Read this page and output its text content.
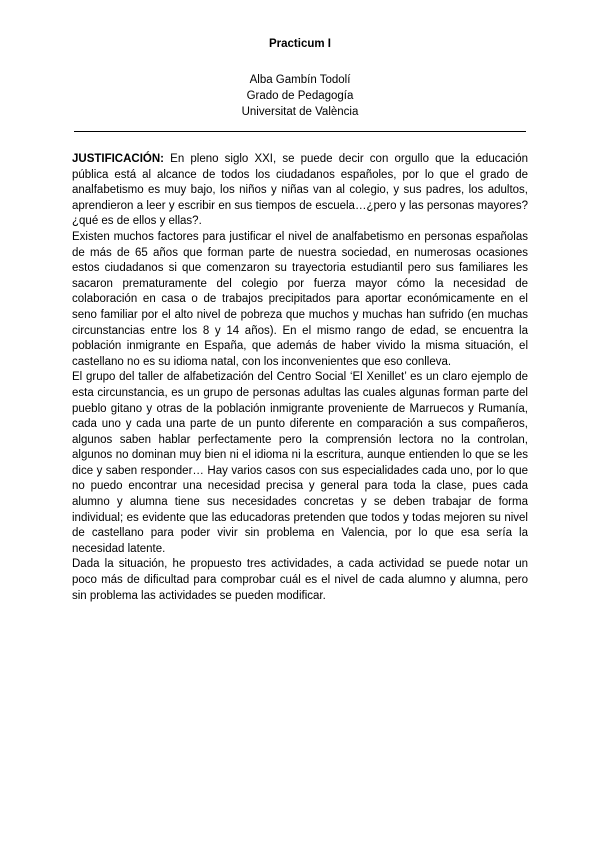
Practicum I
Alba Gambín Todolí
Grado de Pedagogía
Universitat de València

JUSTIFICACIÓN: En pleno siglo XXI, se puede decir con orgullo que la educación pública está al alcance de todos los ciudadanos españoles, por lo que el grado de analfabetismo es muy bajo, los niños y niñas van al colegio, y sus padres, los adultos, aprendieron a leer y escribir en sus tiempos de escuela…¿pero y las personas mayores?¿qué es de ellos y ellas?.

Existen muchos factores para justificar el nivel de analfabetismo en personas españolas de más de 65 años que forman parte de nuestra sociedad, en numerosas ocasiones estos ciudadanos si que comenzaron su trayectoria estudiantil pero sus familiares les sacaron prematuramente del colegio por fuerza mayor cómo la necesidad de colaboración en casa o de trabajos precipitados para aportar económicamente en el seno familiar por el alto nivel de pobreza que muchos y muchas han sufrido (en muchas circunstancias entre los 8 y 14 años). En el mismo rango de edad, se encuentra la población inmigrante en España, que además de haber vivido la misma situación, el castellano no es su idioma natal, con los inconvenientes que eso conlleva.

El grupo del taller de alfabetización del Centro Social ‘El Xenillet’ es un claro ejemplo de esta circunstancia, es un grupo de personas adultas las cuales algunas forman parte del pueblo gitano y otras de la población inmigrante proveniente de Marruecos y Rumanía, cada uno y cada una parte de un punto diferente en comparación a sus compañeros, algunos saben hablar perfectamente pero la comprensión lectora no la controlan, algunos no dominan muy bien ni el idioma ni la escritura, aunque entienden lo que se les dice y saben responder… Hay varios casos con sus especialidades cada uno, por lo que no puedo encontrar una necesidad precisa y general para toda la clase, pues cada alumno y alumna tiene sus necesidades concretas y se deben trabajar de forma individual; es evidente que las educadoras pretenden que todos y todas mejoren su nivel de castellano para poder vivir sin problema en Valencia, por lo que esa sería la necesidad latente.

Dada la situación, he propuesto tres actividades, a cada actividad se puede notar un poco más de dificultad para comprobar cuál es el nivel de cada alumno y alumna, pero sin problema las actividades se pueden modificar.
